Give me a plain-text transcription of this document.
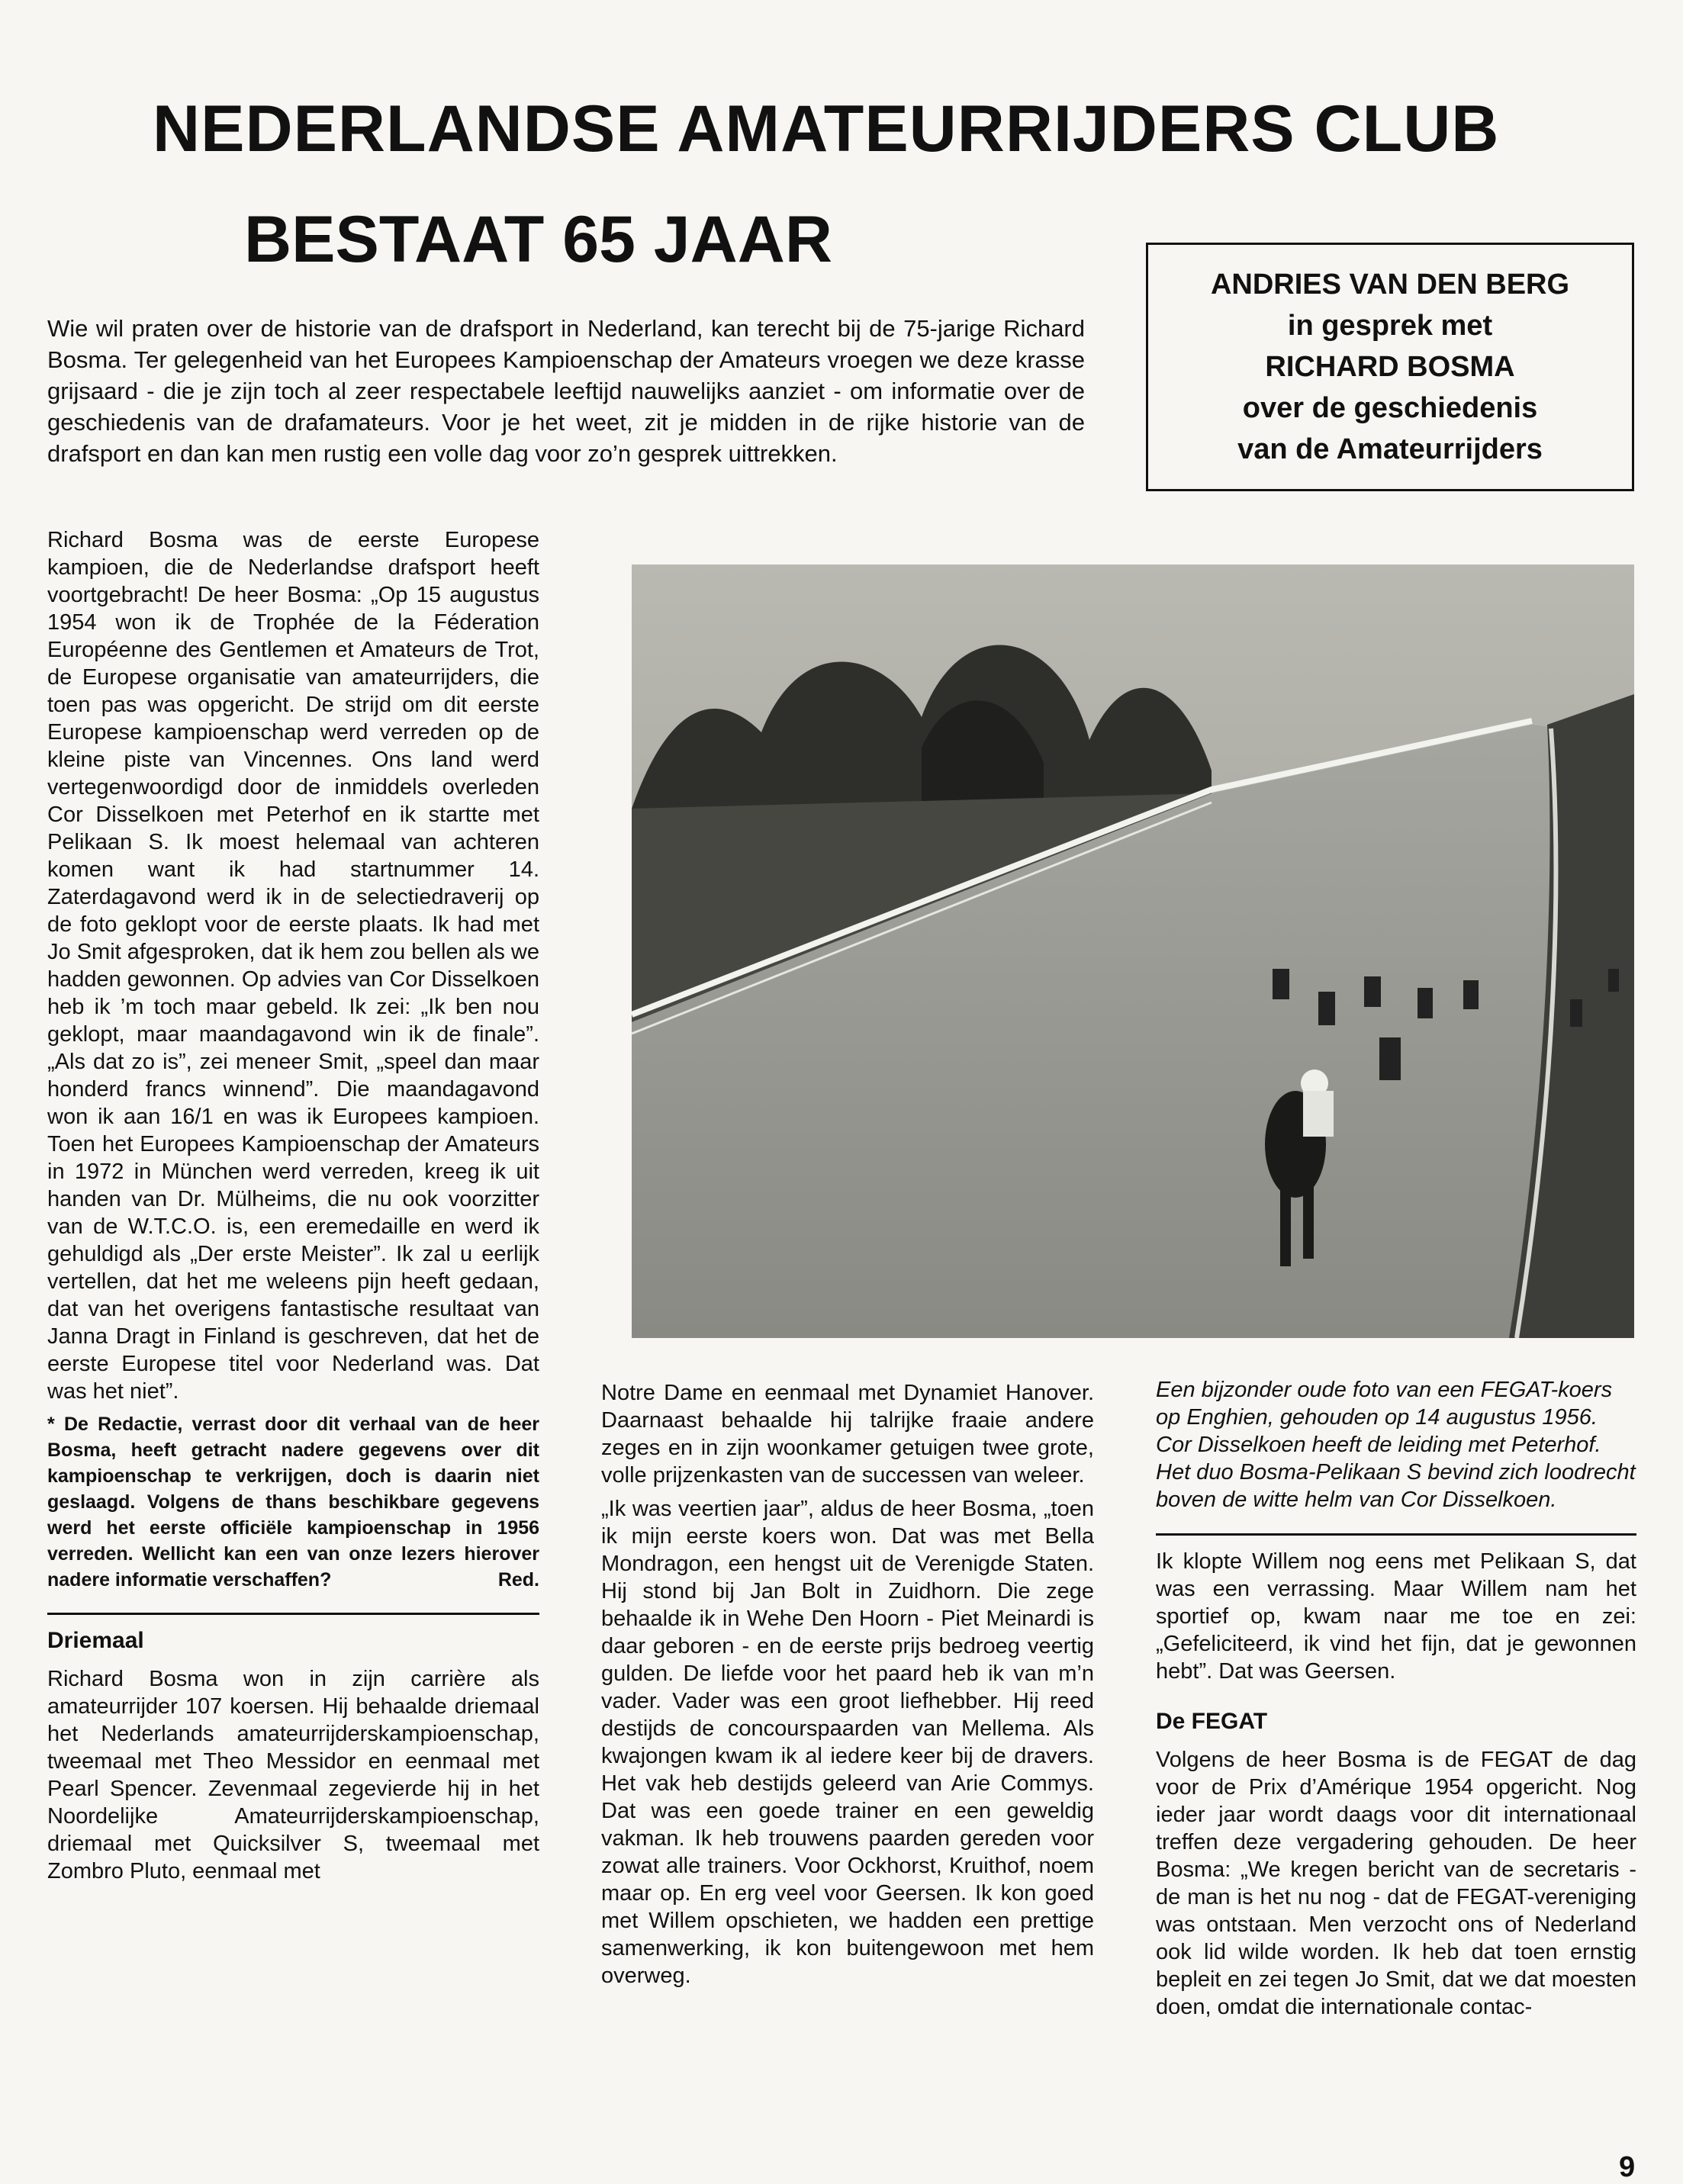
NEDERLANDSE AMATEURRIJDERS CLUB
BESTAAT 65 JAAR
ANDRIES VAN DEN BERG
in gesprek met
RICHARD BOSMA
over de geschiedenis
van de Amateurrijders

Wie wil praten over de historie van de drafsport in Nederland, kan terecht bij de 75-jarige Richard Bosma. Ter gelegenheid van het Europees Kampioenschap der Amateurs vroegen we deze krasse grijsaard - die je zijn toch al zeer respectabele leeftijd nauwelijks aanziet - om informatie over de geschiedenis van de drafamateurs. Voor je het weet, zit je midden in de rijke historie van de drafsport en dan kan men rustig een volle dag voor zo’n gesprek uittrekken.

Richard Bosma was de eerste Europese kampioen, die de Nederlandse drafsport heeft voortgebracht! De heer Bosma: „Op 15 augustus 1954 won ik de Trophée de la Féderation Européenne des Gentlemen et Amateurs de Trot, de Europese organisatie van amateurrijders, die toen pas was opgericht. De strijd om dit eerste Europese kampioenschap werd verreden op de kleine piste van Vincennes. Ons land werd vertegenwoordigd door de inmiddels overleden Cor Disselkoen met Peterhof en ik startte met Pelikaan S. Ik moest helemaal van achteren komen want ik had startnummer 14. Zaterdagavond werd ik in de selectiedraverij op de foto geklopt voor de eerste plaats. Ik had met Jo Smit afgesproken, dat ik hem zou bellen als we hadden gewonnen. Op advies van Cor Disselkoen heb ik ’m toch maar gebeld. Ik zei: „Ik ben nou geklopt, maar maandagavond win ik de finale”. „Als dat zo is”, zei meneer Smit, „speel dan maar honderd francs winnend”. Die maandagavond won ik aan 16/1 en was ik Europees kampioen. Toen het Europees Kampioenschap der Amateurs in 1972 in München werd verreden, kreeg ik uit handen van Dr. Mülheims, die nu ook voorzitter van de W.T.C.O. is, een eremedaille en werd ik gehuldigd als „Der erste Meister”. Ik zal u eerlijk vertellen, dat het me weleens pijn heeft gedaan, dat van het overigens fantastische resultaat van Janna Dragt in Finland is geschreven, dat het de eerste Europese titel voor Nederland was. Dat was het niet”.

* De Redactie, verrast door dit verhaal van de heer Bosma, heeft getracht nadere gegevens over dit kampioenschap te verkrijgen, doch is daarin niet geslaagd. Volgens de thans beschikbare gegevens werd het eerste officiële kampioenschap in 1956 verreden. Wellicht kan een van onze lezers hierover nadere informatie verschaffen?	Red.

Driemaal

Richard Bosma won in zijn carrière als amateurrijder 107 koersen. Hij behaalde driemaal het Nederlands amateurrijderskampioenschap, tweemaal met Theo Messidor en eenmaal met Pearl Spencer. Zevenmaal zegevierde hij in het Noordelijke Amateurrijderskampioenschap, driemaal met Quicksilver S, tweemaal met Zombro Pluto, eenmaal met

Notre Dame en eenmaal met Dynamiet Hanover. Daarnaast behaalde hij talrijke fraaie andere zeges en in zijn woonkamer getuigen twee grote, volle prijzenkasten van de successen van weleer.

„Ik was veertien jaar”, aldus de heer Bosma, „toen ik mijn eerste koers won. Dat was met Bella Mondragon, een hengst uit de Verenigde Staten. Hij stond bij Jan Bolt in Zuidhorn. Die zege behaalde ik in Wehe Den Hoorn - Piet Meinardi is daar geboren - en de eerste prijs bedroeg veertig gulden. De liefde voor het paard heb ik van m’n vader. Vader was een groot liefhebber. Hij reed destijds de concourspaarden van Mellema. Als kwajongen kwam ik al iedere keer bij de dravers. Het vak heb destijds geleerd van Arie Commys. Dat was een goede trainer en een geweldig vakman. Ik heb trouwens paarden gereden voor zowat alle trainers. Voor Ockhorst, Kruithof, noem maar op. En erg veel voor Geersen. Ik kon goed met Willem opschieten, we hadden een prettige samenwerking, ik kon buitengewoon met hem overweg.

Een bijzonder oude foto van een FEGAT-koers op Enghien, gehouden op 14 augustus 1956. Cor Disselkoen heeft de leiding met Peterhof. Het duo Bosma-Pelikaan S bevind zich loodrecht boven de witte helm van Cor Disselkoen.

Ik klopte Willem nog eens met Pelikaan S, dat was een verrassing. Maar Willem nam het sportief op, kwam naar me toe en zei: „Gefeliciteerd, ik vind het fijn, dat je gewonnen hebt”. Dat was Geersen.

De FEGAT

Volgens de heer Bosma is de FEGAT de dag voor de Prix d’Amérique 1954 opgericht. Nog ieder jaar wordt daags voor dit internationaal treffen deze vergadering gehouden. De heer Bosma: „We kregen bericht van de secretaris - de man is het nu nog - dat de FEGAT-vereniging was ontstaan. Men verzocht ons of Nederland ook lid wilde worden. Ik heb dat toen ernstig bepleit en zei tegen Jo Smit, dat we dat moesten doen, omdat die internationale contac-

9
